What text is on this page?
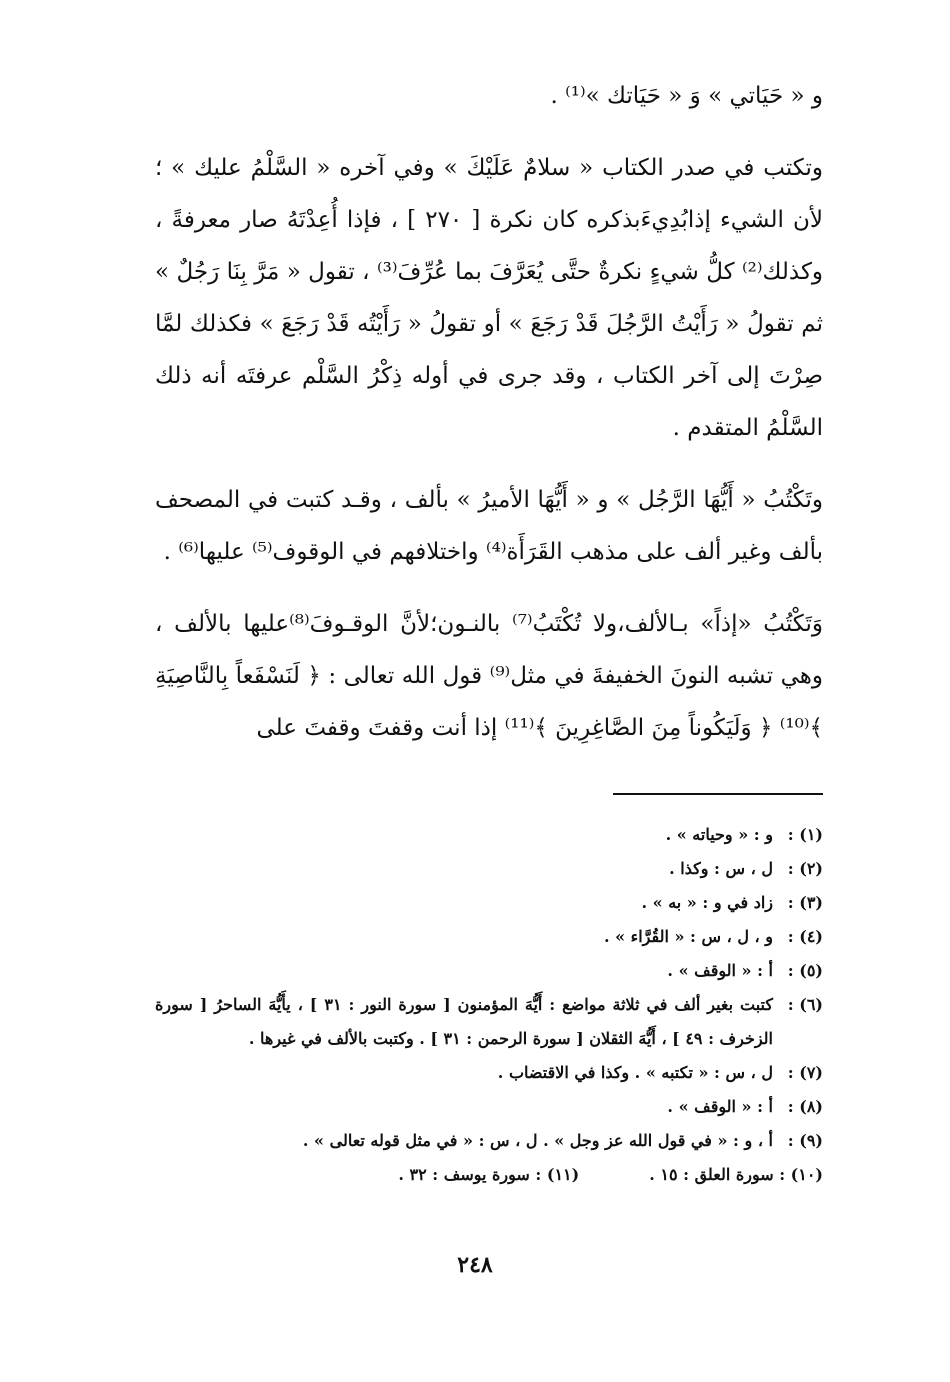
و « حَيَاتي » وَ « حَيَاتك »⁽¹⁾ .

وتكتب في صدر الكتاب « سلامٌ عَلَيْكَ » وفي آخره « السَّلْمُ عليك » ؛ لأن الشيء إذابُدِيءَبذكره كان نكرة [ ٢٧٠ ] ، فإذا أُعِدْتَهُ صار معرفةً ، وكذلك⁽²⁾ كلُّ شيءٍ نكرةٌ حتَّى يُعَرَّفَ بما عُرِّفَ⁽³⁾ ، تقول « مَرَّ بِنَا رَجُلٌ » ثم تقولُ « رَأَيْتُ الرَّجُلَ قَدْ رَجَعَ » أو تقولُ « رَأَيْتُه قَدْ رَجَعَ » فكذلك لمَّا صِرْتَ إلى آخر الكتاب ، وقد جرى في أوله ذِكْرُ السَّلْم عرفتَه أنه ذلك السَّلْمُ المتقدم .

وتَكْتُبُ « أَيُّهَا الرَّجُل » و « أَيُّهَا الأميرُ » بألف ، وقـد كتبت في المصحف بألف وغير ألف على مذهب القَرَأَة⁽⁴⁾ واختلافهم في الوقوف⁽⁵⁾ عليها⁽⁶⁾ .

وَتَكْتُبُ «إذاً» بـالألف،ولا تُكْتَبُ⁽⁷⁾ بالنـون؛لأنَّ الوقـوفَ⁽⁸⁾عليها بالألف ، وهي تشبه النونَ الخفيفةَ في مثل⁽⁹⁾ قول الله تعالى : ﴿ لَنَسْفَعاً بِالنَّاصِيَةِ ﴾⁽¹⁰⁾ ﴿ وَلَيَكُوناً مِنَ الصَّاغِرِينَ ﴾⁽¹¹⁾ إذا أنت وقفتَ وقفتَ على

(١) :
و : « وحياته » .
(٢) :
ل ، س : وكذا .
(٣) :
زاد في و : « به » .
(٤) :
و ، ل ، س : « القُرَّاء » .
(٥) :
أ : « الوقف » .
(٦) :
كتبت بغير ألف في ثلاثة مواضع : أَيُّهَ المؤمنون [ سورة النور : ٣١ ] ، يأَيُّهَ الساحرُ [ سورة الزخرف : ٤٩ ] ، أَيُّهَ الثقلان [ سورة الرحمن : ٣١ ] . وكتبت بالألف في غيرها .
(٧) :
ل ، س : « تكتبه » . وكذا في الاقتضاب .
(٨) :
أ : « الوقف » .
(٩) :
أ ، و : « في قول الله عز وجل » . ل ، س : « في مثل قوله تعالى » .
(١٠) : سورة العلق : ١٥ .
(١١) : سورة يوسف : ٣٢ .
٢٤٨
